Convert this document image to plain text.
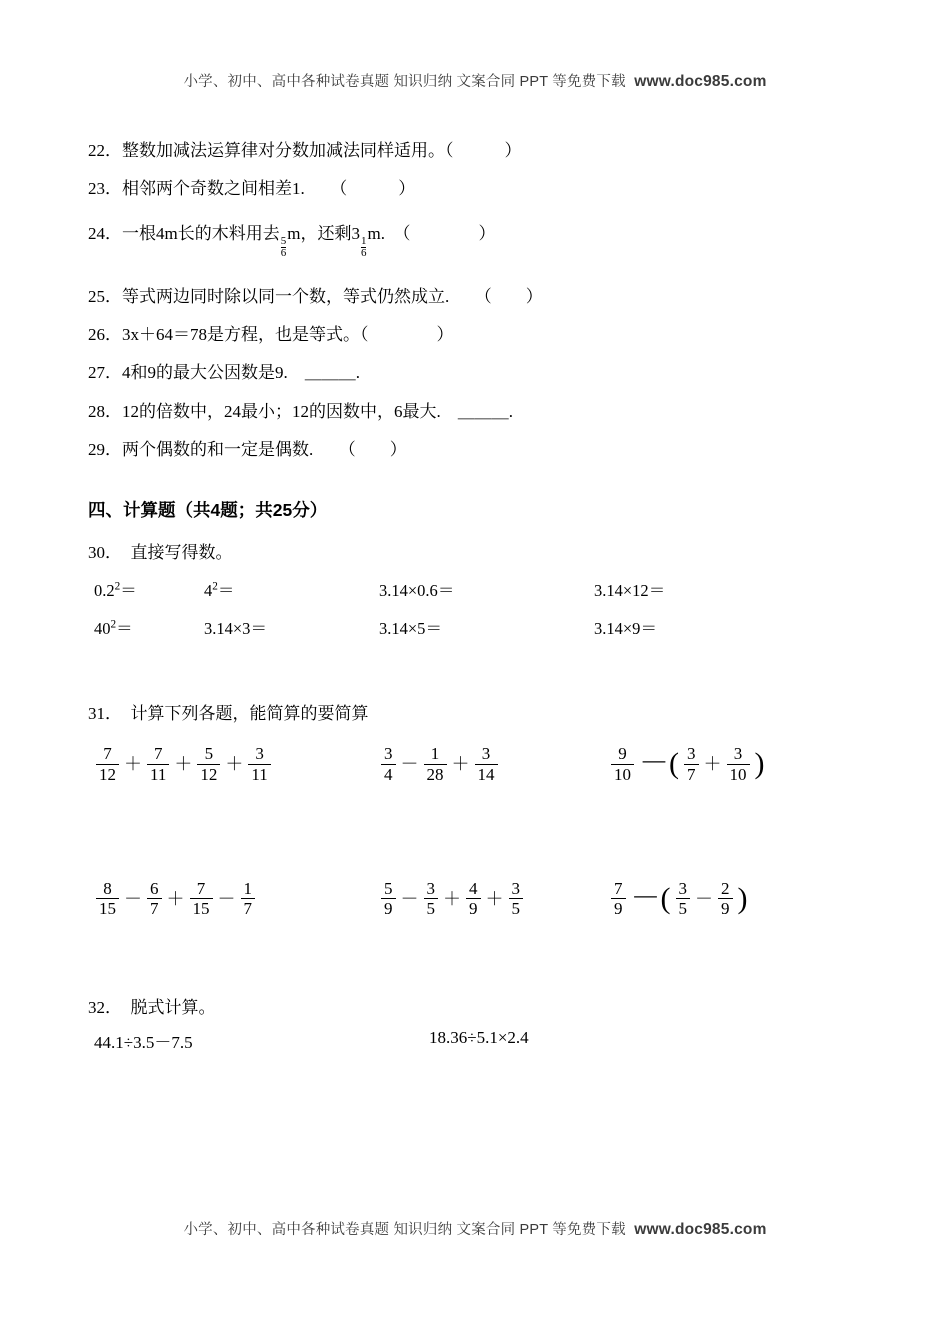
小学、初中、高中各种试卷真题 知识归纳 文案合同 PPT 等免费下载  www.doc985.com
22．整数加减法运算律对分数加减法同样适用。（　　　）
23．相邻两个奇数之间相差1.　　（　　　）
24．一根4m长的木料用去
$\frac{5}{6}$
m，还剩3
$\frac{1}{6}$
m.　（　　　　）
25．等式两边同时除以同一个数，等式仍然成立.　　（　　）
26．3x＋64＝78是方程，也是等式。（　　　　）
27．4和9的最大公因数是9.　＿＿＿.
28．12的倍数中，24最小；12的因数中，6最大.　＿＿＿.
29．两个偶数的和一定是偶数.　　（　　）
四、计算题（共4题；共25分）
30．　直接写得数。
$0.2^2=$	$4^2=$	3.14×0.6＝	3.14×12＝
$40^2=$	3.14×3＝	3.14×5＝	3.14×9＝
31．　计算下列各题，能简算的要简算
$\frac{7}{12} + \frac{7}{11} + \frac{5}{12} + \frac{3}{11}$	$\frac{3}{4} - \frac{1}{28} + \frac{3}{14}$	$\frac{9}{10}$ －( $\frac{3}{7} + \frac{3}{10}$ )
$\frac{8}{15} - \frac{6}{7} + \frac{7}{15} - \frac{1}{7}$	$\frac{5}{9} - \frac{3}{5} + \frac{4}{9} + \frac{3}{5}$	$\frac{7}{9}$ －( $\frac{3}{5} - \frac{2}{9}$ )
32．　脱式计算。
44.1÷3.5－7.5	18.36÷5.1×2.4
小学、初中、高中各种试卷真题 知识归纳 文案合同 PPT 等免费下载  www.doc985.com
